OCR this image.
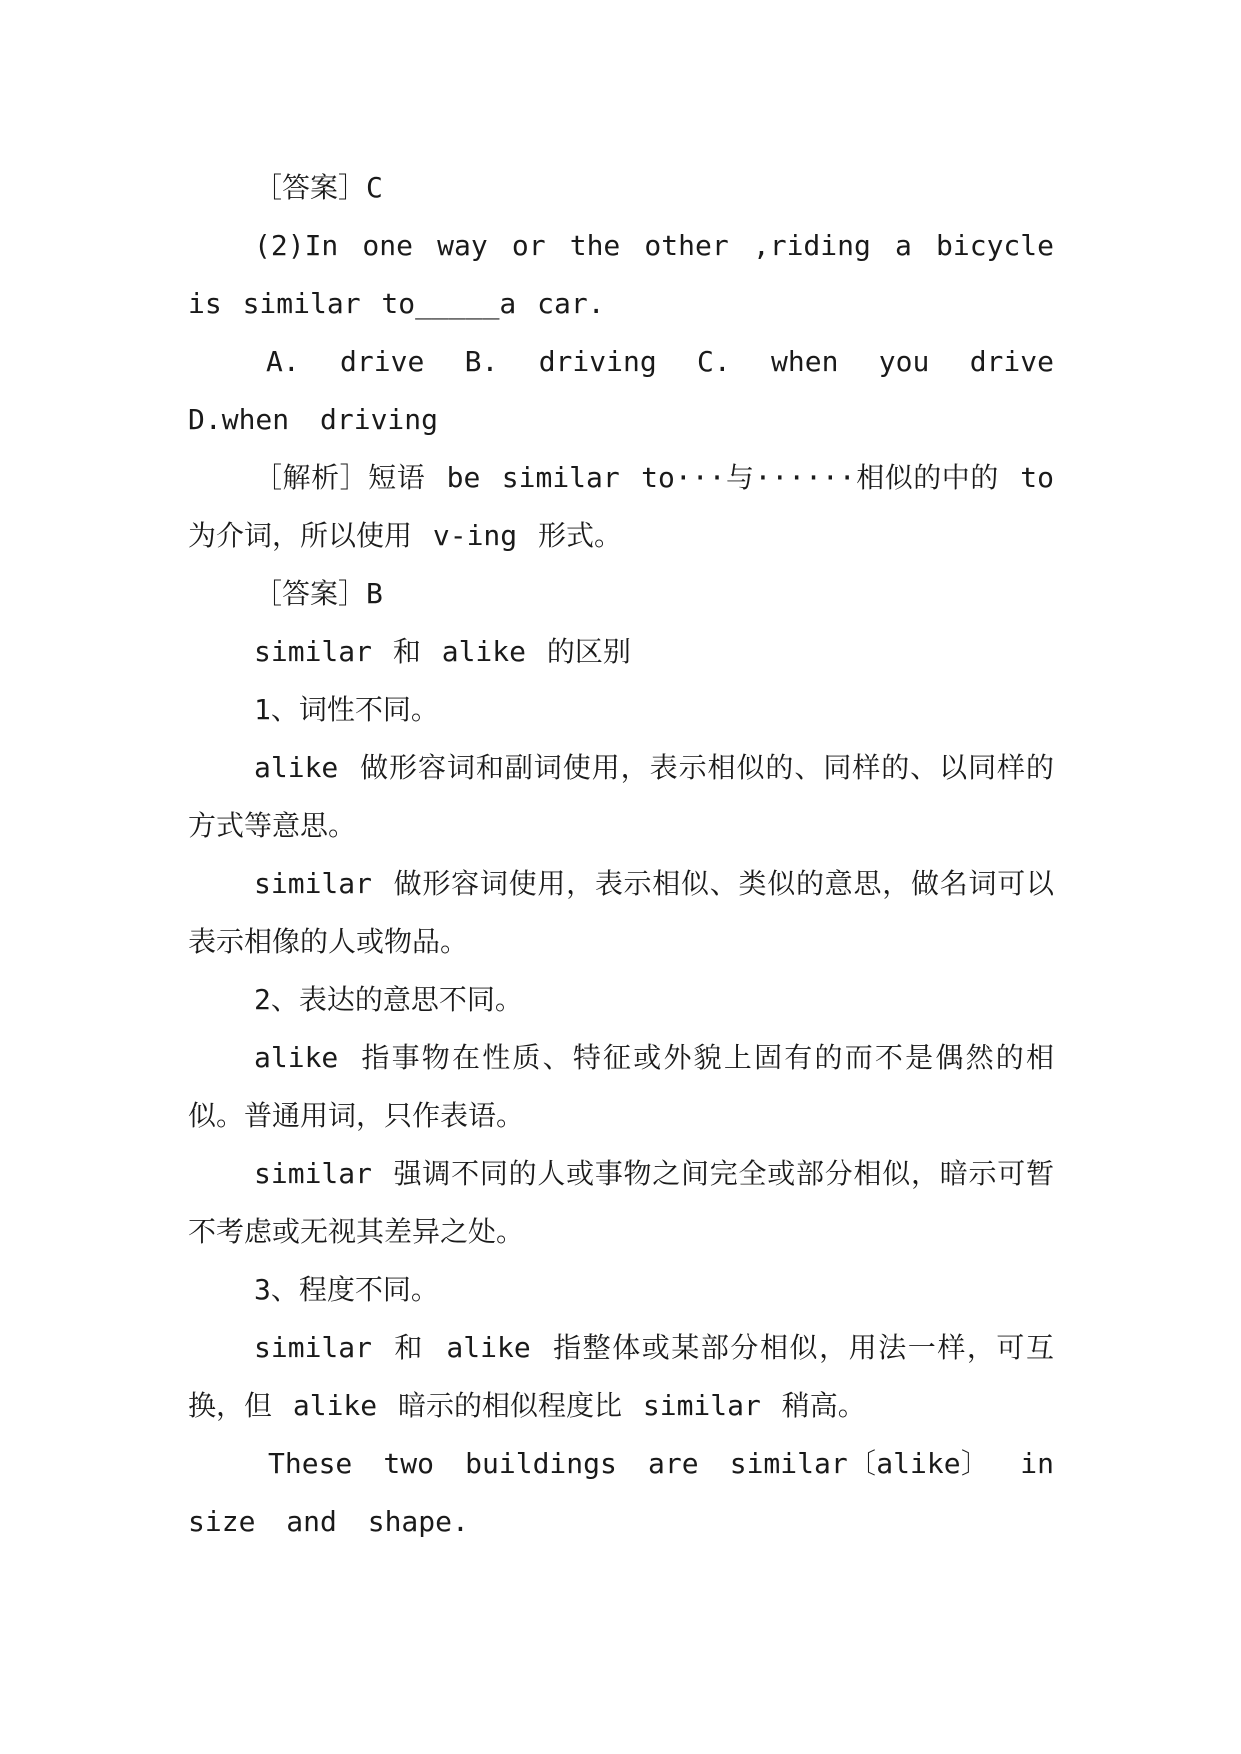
［答案］C

(2)In one way or the other ,riding a bicycle is similar to_____a car.

A. drive B. driving C. when you drive D.when driving

［解析］短语 be similar to···与······相似的中的 to 为介词，所以使用 v-ing 形式。

［答案］B

similar 和 alike 的区别

1、词性不同。

alike 做形容词和副词使用，表示相似的、同样的、以同样的方式等意思。

similar 做形容词使用，表示相似、类似的意思，做名词可以表示相像的人或物品。

2、表达的意思不同。

alike 指事物在性质、特征或外貌上固有的而不是偶然的相似。普通用词，只作表语。

similar 强调不同的人或事物之间完全或部分相似，暗示可暂不考虑或无视其差异之处。

3、程度不同。

similar 和 alike 指整体或某部分相似，用法一样，可互换，但 alike 暗示的相似程度比 similar 稍高。

These two buildings are similar〔alike〕 in size and shape.
